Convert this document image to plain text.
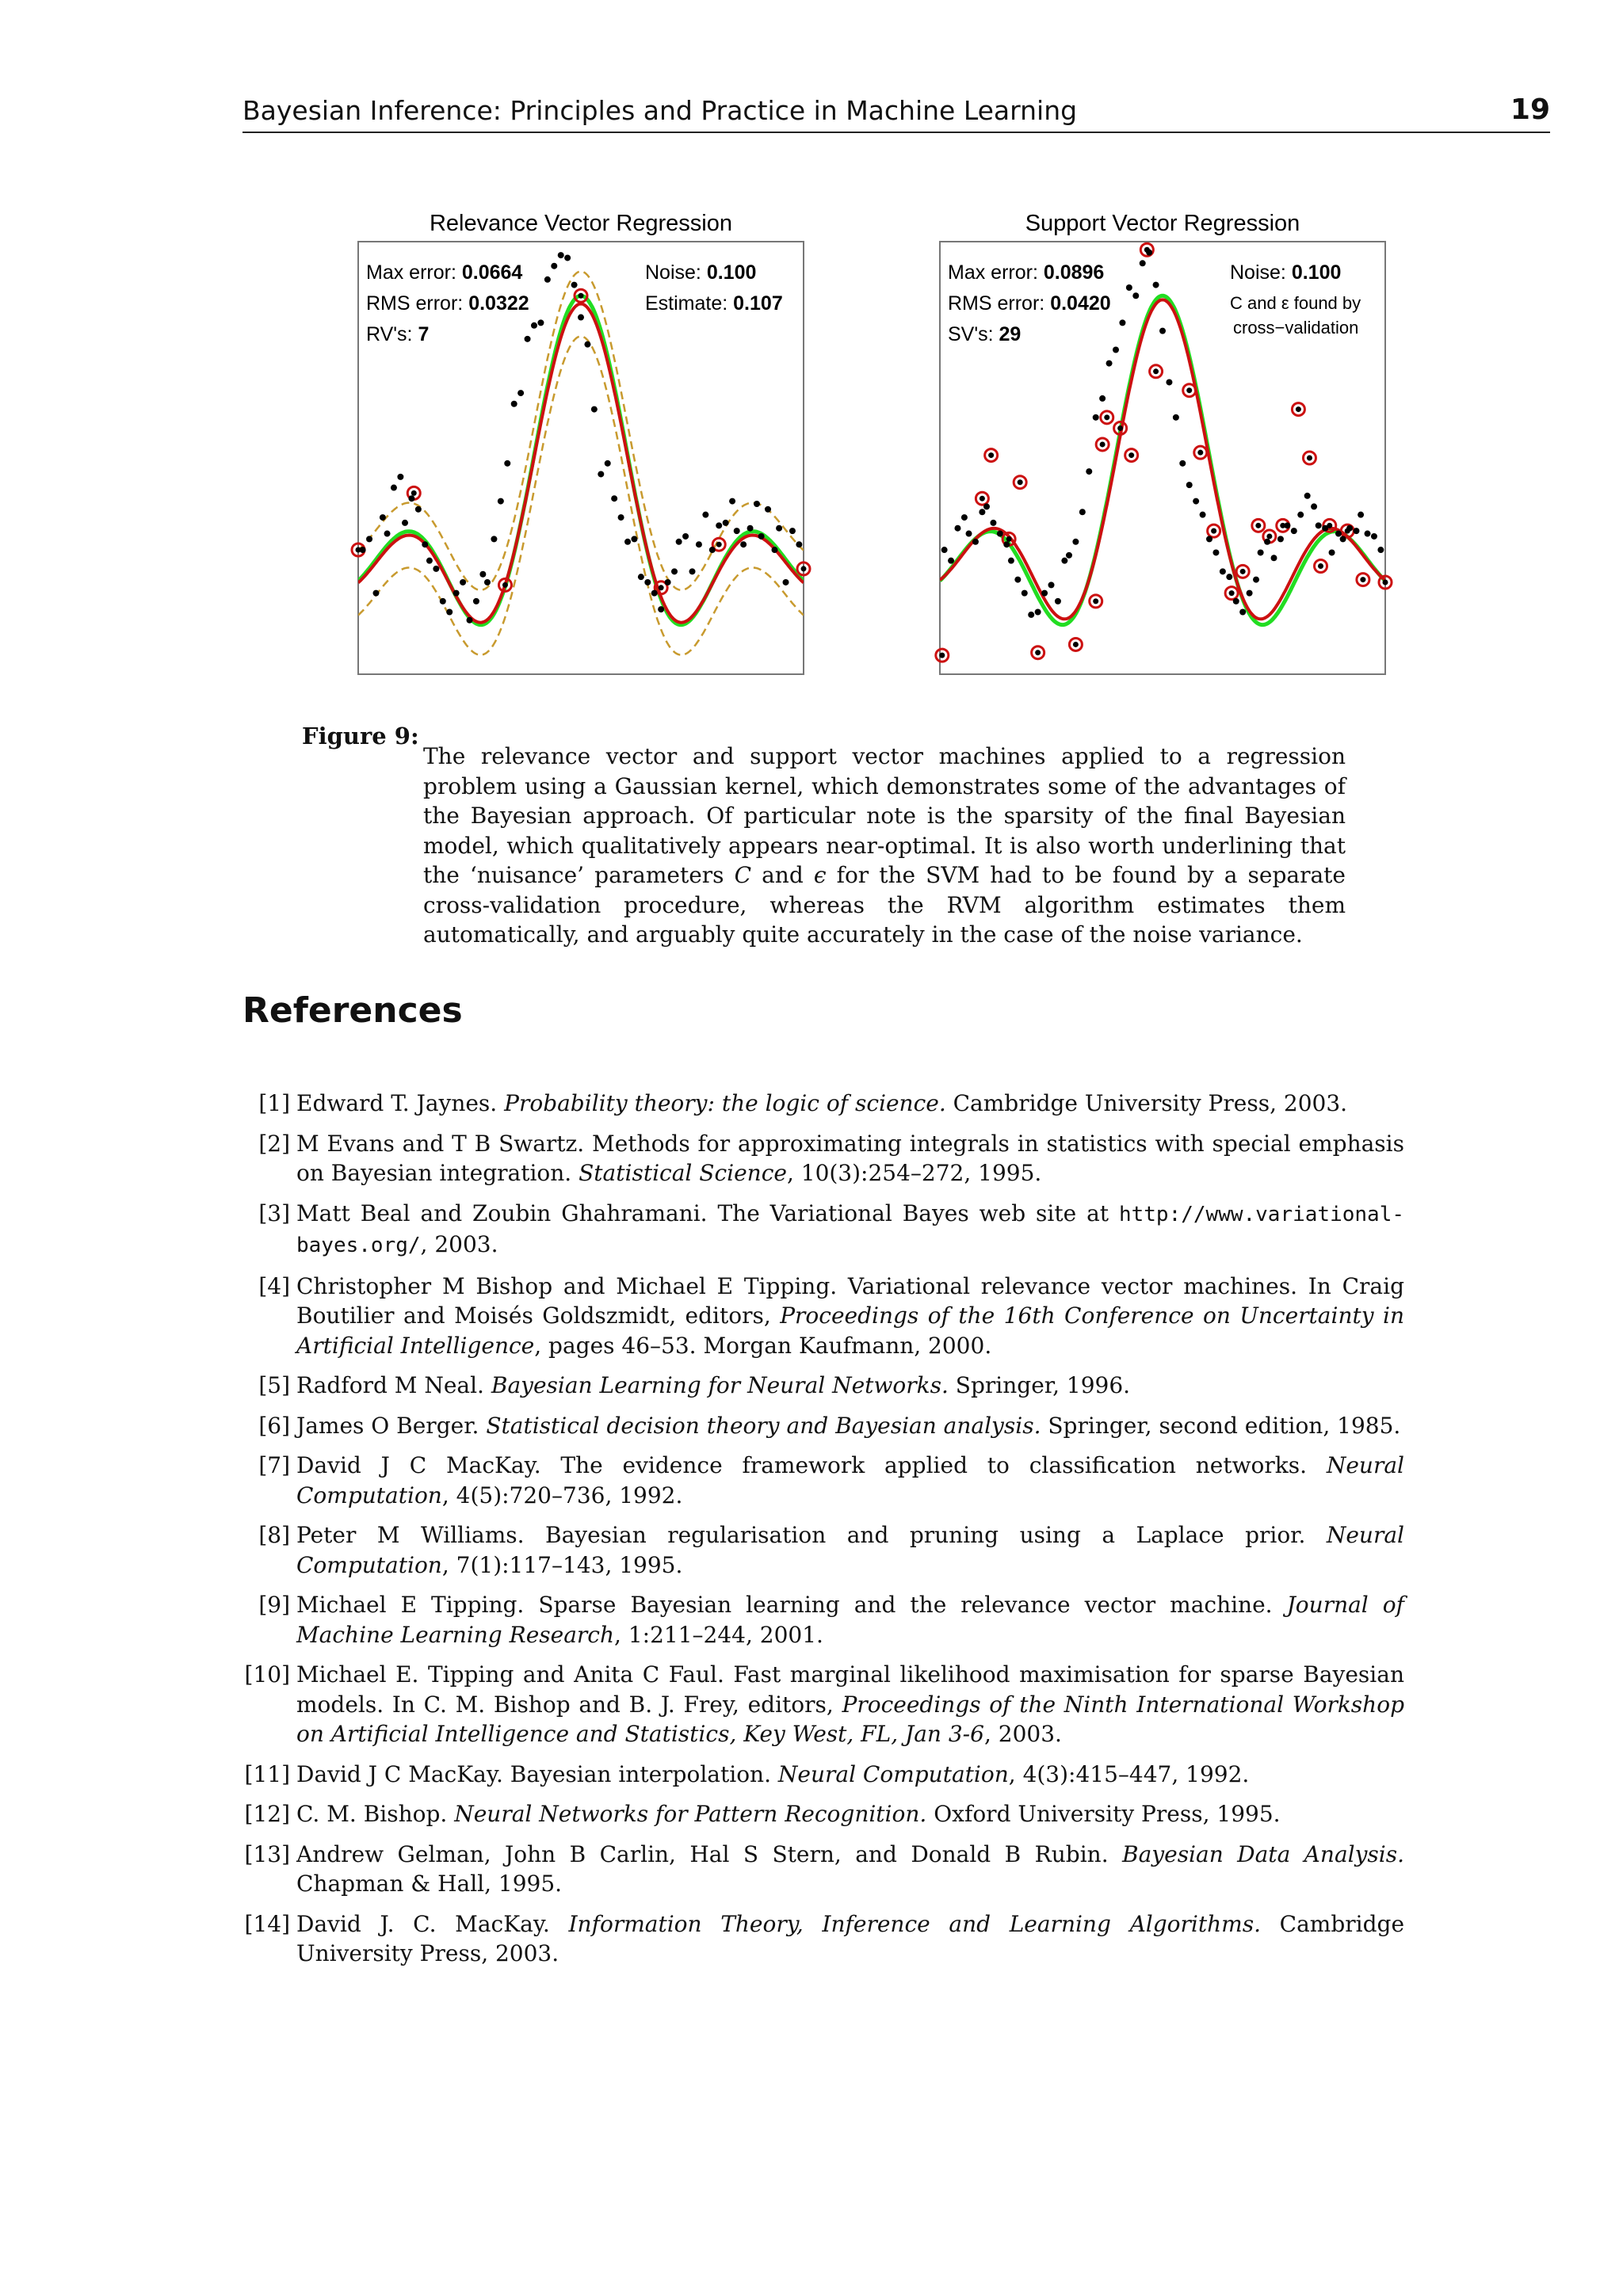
Bayesian Inference: Principles and Practice in Machine Learning	19
Relevance Vector Regression
Max error: 0.0664
RMS error: 0.0322
RV's: 7
Noise: 0.100
Estimate: 0.107
Support Vector Regression
Max error: 0.0896
RMS error: 0.0420
SV's: 29
Noise: 0.100
C and ε found by
cross−validation
Figure 9:
The relevance vector and support vector machines applied to a regression problem using a Gaussian kernel, which demonstrates some of the advantages of the Bayesian approach. Of particular note is the sparsity of the final Bayesian model, which qualitatively appears near-optimal. It is also worth underlining that the ‘nuisance’ parameters C and ϵ for the SVM had to be found by a separate cross-validation procedure, whereas the RVM algorithm estimates them automatically, and arguably quite accurately in the case of the noise variance.
References
[1] Edward T. Jaynes. Probability theory: the logic of science. Cambridge University Press, 2003.
[2] M Evans and T B Swartz. Methods for approximating integrals in statistics with special emphasis on Bayesian integration. Statistical Science, 10(3):254–272, 1995.
[3] Matt Beal and Zoubin Ghahramani. The Variational Bayes web site at http://www.variational-bayes.org/, 2003.
[4] Christopher M Bishop and Michael E Tipping. Variational relevance vector machines. In Craig Boutilier and Moisés Goldszmidt, editors, Proceedings of the 16th Conference on Uncertainty in Artificial Intelligence, pages 46–53. Morgan Kaufmann, 2000.
[5] Radford M Neal. Bayesian Learning for Neural Networks. Springer, 1996.
[6] James O Berger. Statistical decision theory and Bayesian analysis. Springer, second edition, 1985.
[7] David J C MacKay. The evidence framework applied to classification networks. Neural Computation, 4(5):720–736, 1992.
[8] Peter M Williams. Bayesian regularisation and pruning using a Laplace prior. Neural Computation, 7(1):117–143, 1995.
[9] Michael E Tipping. Sparse Bayesian learning and the relevance vector machine. Journal of Machine Learning Research, 1:211–244, 2001.
[10] Michael E. Tipping and Anita C Faul. Fast marginal likelihood maximisation for sparse Bayesian models. In C. M. Bishop and B. J. Frey, editors, Proceedings of the Ninth International Workshop on Artificial Intelligence and Statistics, Key West, FL, Jan 3-6, 2003.
[11] David J C MacKay. Bayesian interpolation. Neural Computation, 4(3):415–447, 1992.
[12] C. M. Bishop. Neural Networks for Pattern Recognition. Oxford University Press, 1995.
[13] Andrew Gelman, John B Carlin, Hal S Stern, and Donald B Rubin. Bayesian Data Analysis. Chapman & Hall, 1995.
[14] David J. C. MacKay. Information Theory, Inference and Learning Algorithms. Cambridge University Press, 2003.
